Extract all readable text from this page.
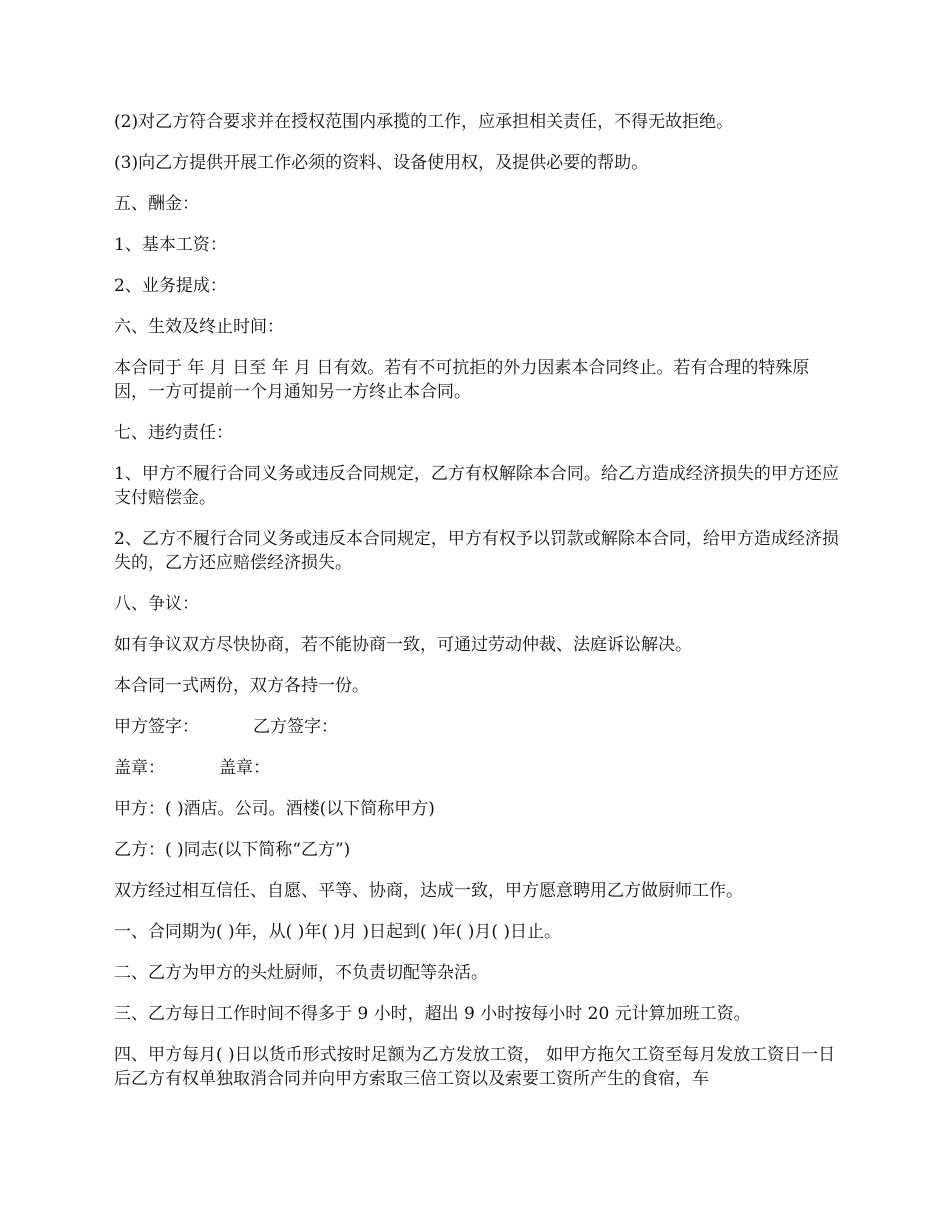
(2)对乙方符合要求并在授权范围内承揽的工作，应承担相关责任，不得无故拒绝。

(3)向乙方提供开展工作必须的资料、设备使用权，及提供必要的帮助。

五、酬金：

1、基本工资：

2、业务提成：

六、生效及终止时间：

本合同于 年 月 日至 年 月 日有效。若有不可抗拒的外力因素本合同终止。若有合理的特殊原因，一方可提前一个月通知另一方终止本合同。

七、违约责任：

1、甲方不履行合同义务或违反合同规定，乙方有权解除本合同。给乙方造成经济损失的甲方还应支付赔偿金。

2、乙方不履行合同义务或违反本合同规定，甲方有权予以罚款或解除本合同，给甲方造成经济损失的，乙方还应赔偿经济损失。

八、争议：

如有争议双方尽快协商，若不能协商一致，可通过劳动仲裁、法庭诉讼解决。

本合同一式两份，双方各持一份。

甲方签字：          乙方签字：

盖章：          盖章：

甲方：( )酒店。公司。酒楼(以下简称甲方)

乙方：( )同志(以下简称“乙方”)

双方经过相互信任、自愿、平等、协商，达成一致，甲方愿意聘用乙方做厨师工作。

一、合同期为( )年，从( )年( )月 )日起到( )年( )月( )日止。

二、乙方为甲方的头灶厨师，不负责切配等杂活。

三、乙方每日工作时间不得多于 9 小时，超出 9 小时按每小时 20 元计算加班工资。

四、甲方每月( )日以货币形式按时足额为乙方发放工资， 如甲方拖欠工资至每月发放工资日一日后乙方有权单独取消合同并向甲方索取三倍工资以及索要工资所产生的食宿，车
